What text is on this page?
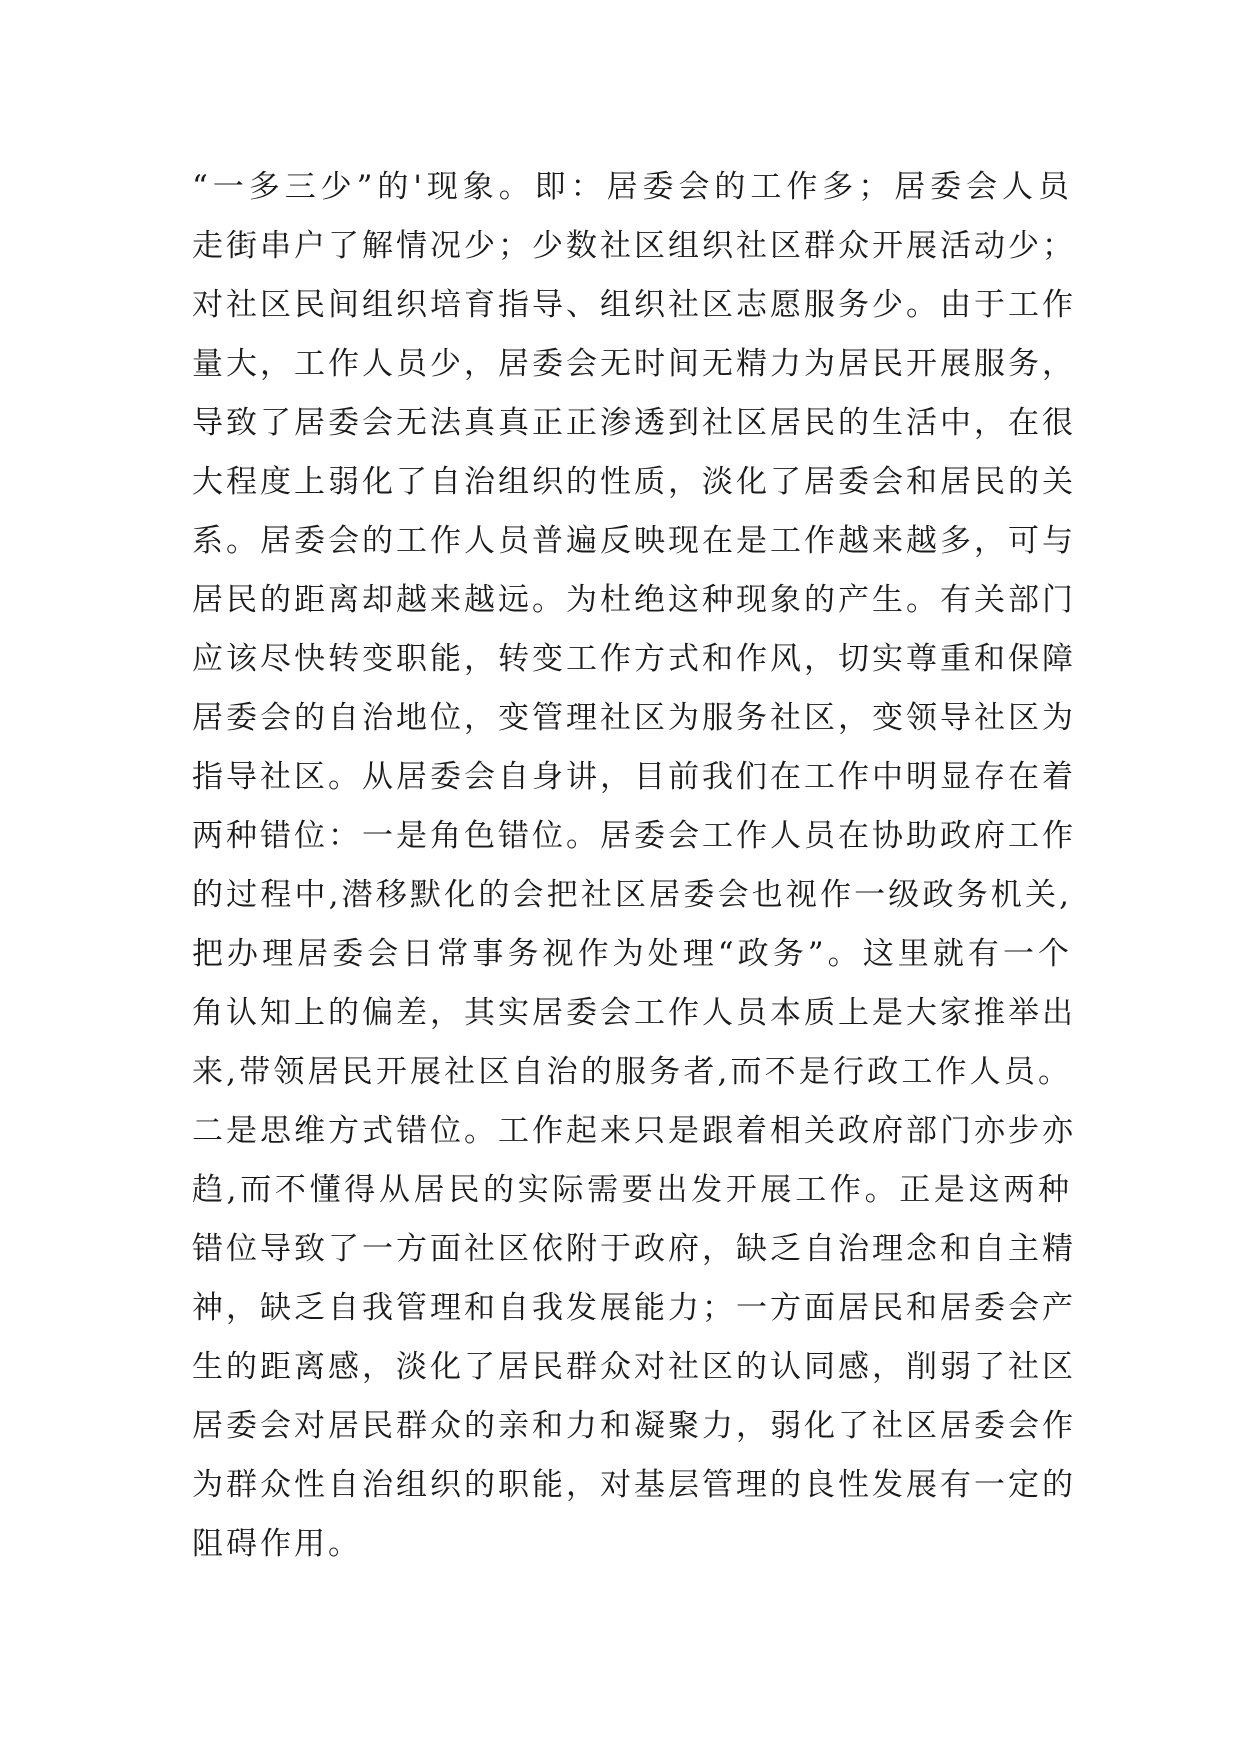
“一多三少”的'现象。即：居委会的工作多；居委会人员
走街串户了解情况少；少数社区组织社区群众开展活动少；
对社区民间组织培育指导、组织社区志愿服务少。由于工作
量大，工作人员少，居委会无时间无精力为居民开展服务，
导致了居委会无法真真正正渗透到社区居民的生活中，在很
大程度上弱化了自治组织的性质，淡化了居委会和居民的关
系。居委会的工作人员普遍反映现在是工作越来越多，可与
居民的距离却越来越远。为杜绝这种现象的产生。有关部门
应该尽快转变职能，转变工作方式和作风，切实尊重和保障
居委会的自治地位，变管理社区为服务社区，变领导社区为
指导社区。从居委会自身讲，目前我们在工作中明显存在着
两种错位：一是角色错位。居委会工作人员在协助政府工作
的过程中,潜移默化的会把社区居委会也视作一级政务机关,
把办理居委会日常事务视作为处理“政务”。这里就有一个
角认知上的偏差，其实居委会工作人员本质上是大家推举出
来,带领居民开展社区自治的服务者,而不是行政工作人员。
二是思维方式错位。工作起来只是跟着相关政府部门亦步亦
趋,而不懂得从居民的实际需要出发开展工作。正是这两种
错位导致了一方面社区依附于政府，缺乏自治理念和自主精
神，缺乏自我管理和自我发展能力；一方面居民和居委会产
生的距离感，淡化了居民群众对社区的认同感，削弱了社区
居委会对居民群众的亲和力和凝聚力，弱化了社区居委会作
为群众性自治组织的职能，对基层管理的良性发展有一定的
阻碍作用。
